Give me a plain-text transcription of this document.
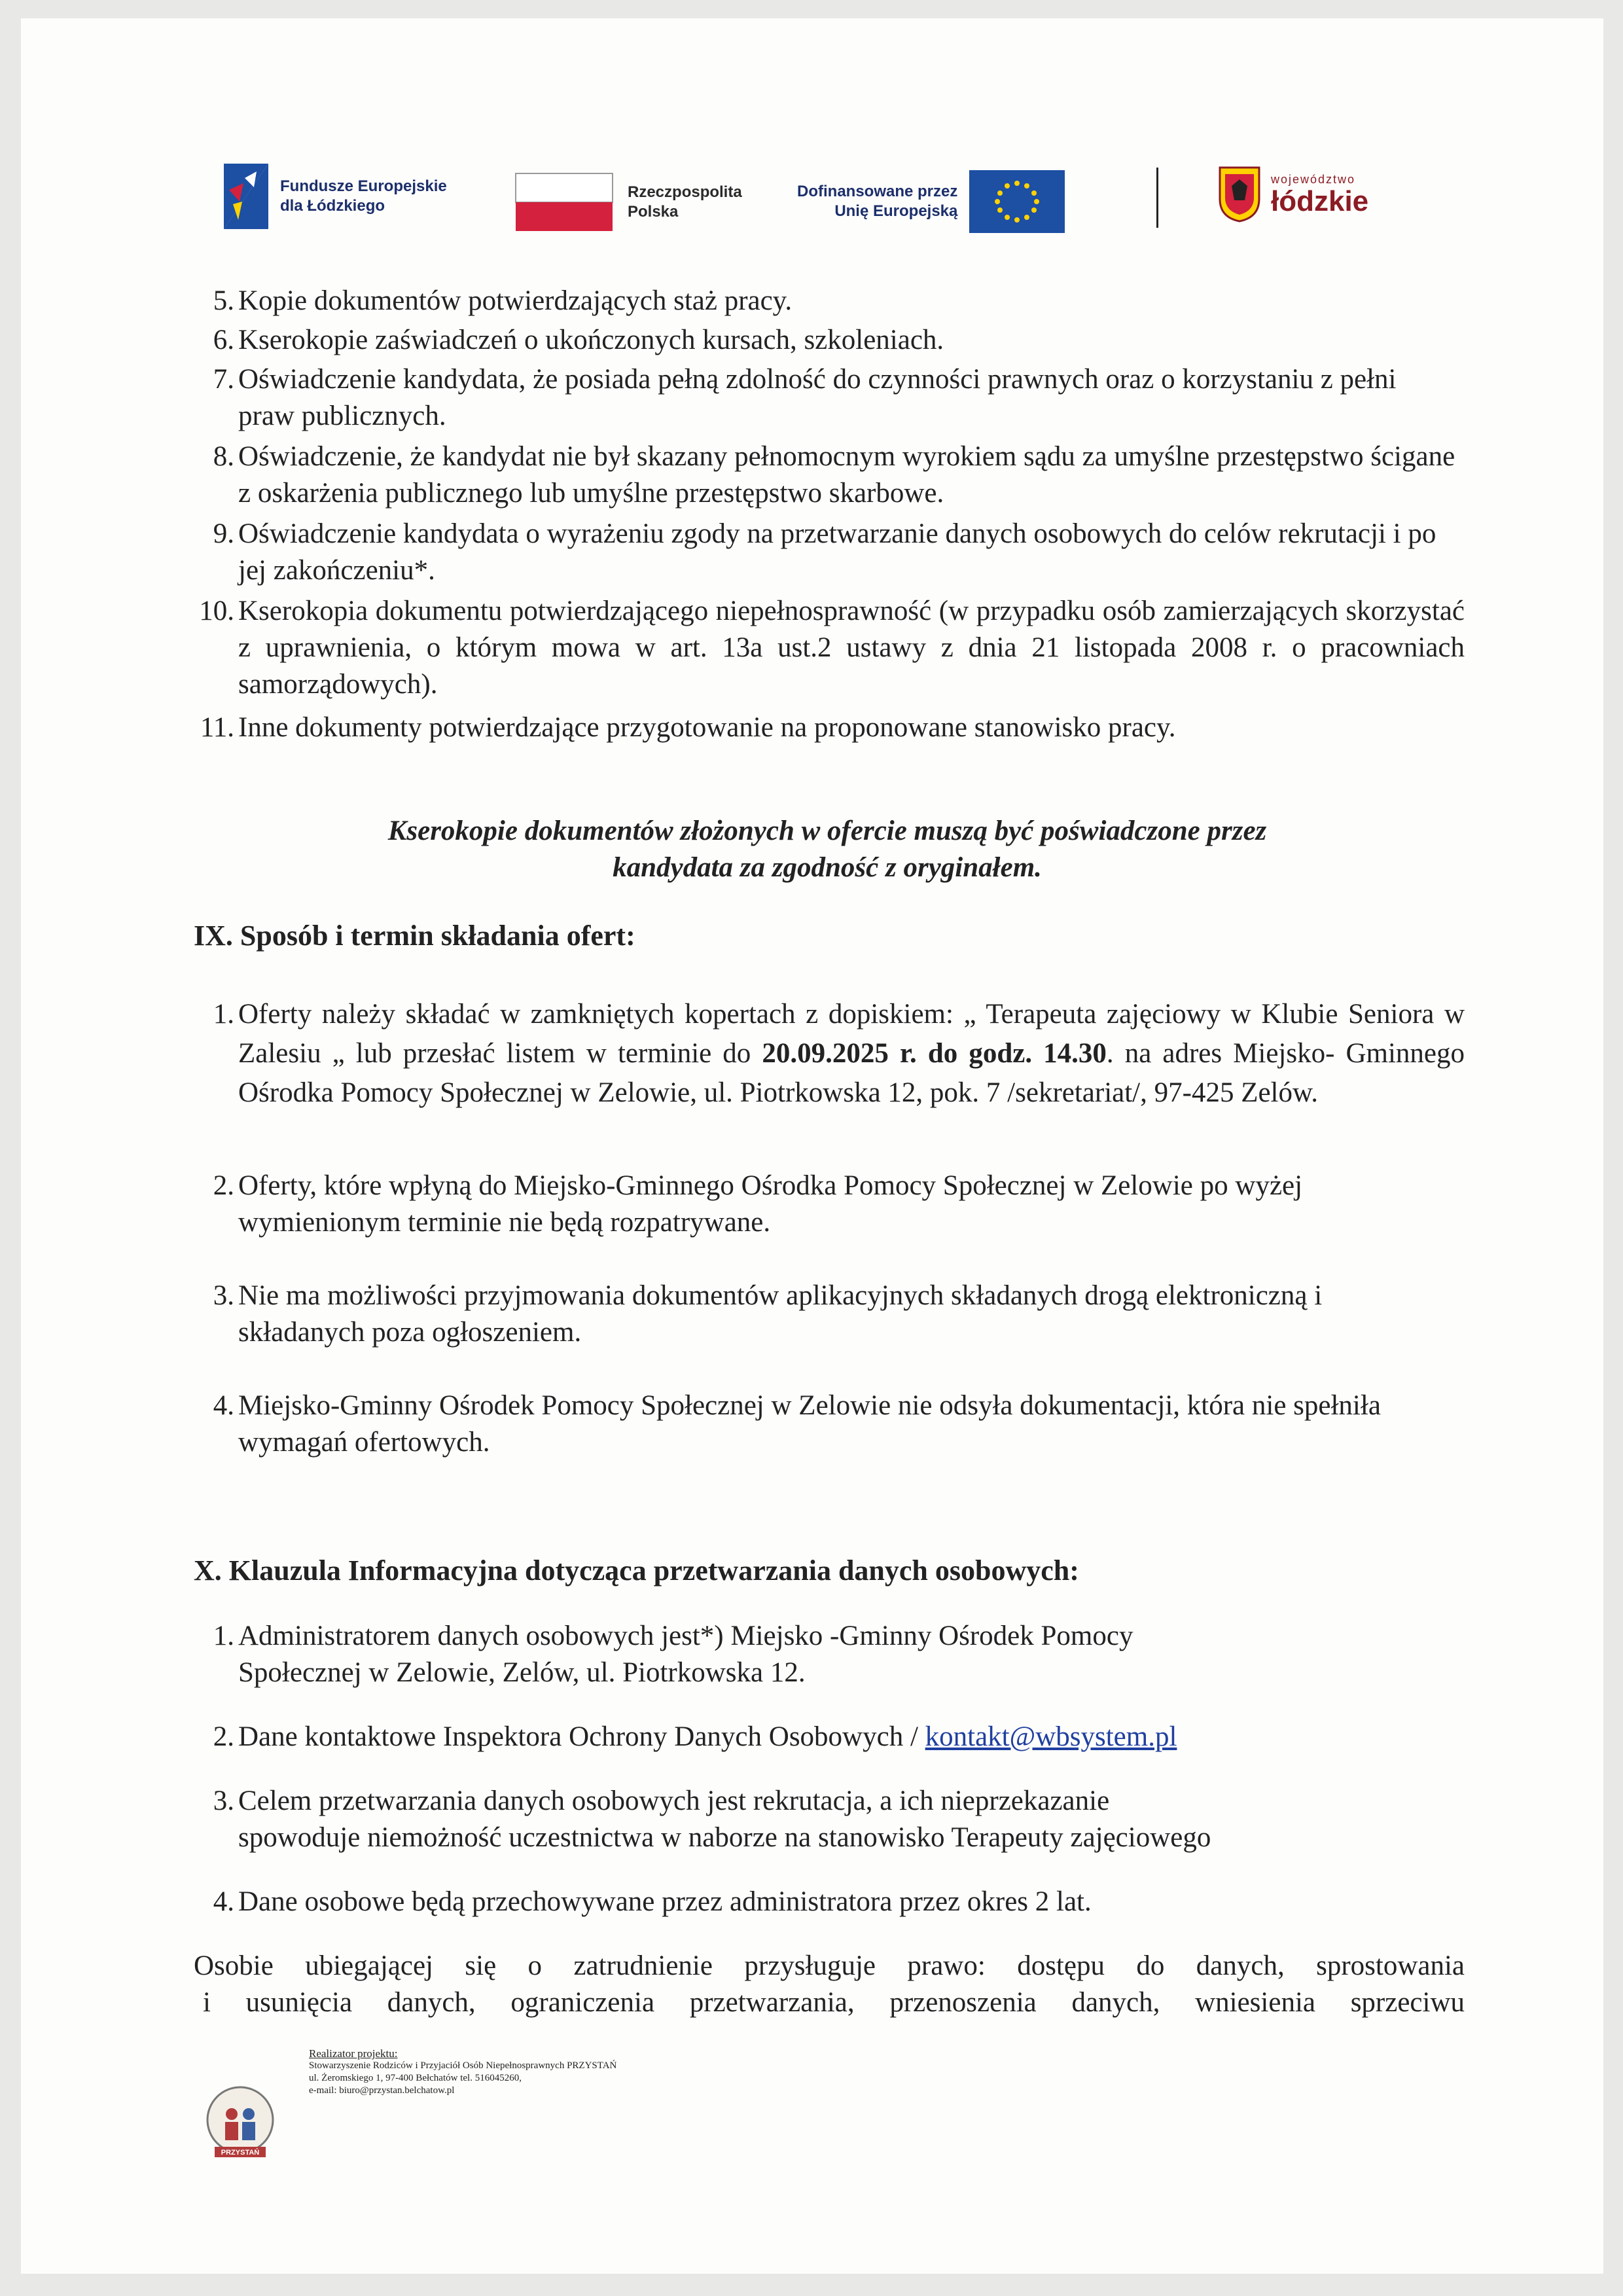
Fundusze Europejskie
dla Łódzkiego
Rzeczpospolita
Polska
Dofinansowane przez
Unię Europejską
województwo
łódzkie
5. Kopie dokumentów potwierdzających staż pracy.
6. Kserokopie zaświadczeń o ukończonych kursach, szkoleniach.
7. Oświadczenie kandydata, że posiada pełną zdolność do czynności prawnych oraz o korzystaniu z pełni praw publicznych.
8. Oświadczenie, że kandydat nie był skazany pełnomocnym wyrokiem sądu za umyślne przestępstwo ścigane z oskarżenia publicznego lub umyślne przestępstwo skarbowe.
9. Oświadczenie kandydata o wyrażeniu zgody na przetwarzanie danych osobowych do celów rekrutacji i po jej zakończeniu*.
10. Kserokopia dokumentu potwierdzającego niepełnosprawność (w przypadku osób zamierzających skorzystać z uprawnienia, o którym mowa w art. 13a ust.2 ustawy z dnia 21 listopada 2008 r. o pracowniach samorządowych).
11. Inne dokumenty potwierdzające przygotowanie na proponowane stanowisko pracy.
Kserokopie dokumentów złożonych w ofercie muszą być poświadczone przez
kandydata za zgodność z oryginałem.
IX. Sposób i termin składania ofert:
1. Oferty należy składać w zamkniętych kopertach z dopiskiem: „ Terapeuta zajęciowy w Klubie Seniora w Zalesiu „ lub przesłać listem w terminie do 20.09.2025 r. do godz. 14.30. na adres Miejsko- Gminnego Ośrodka Pomocy Społecznej w Zelowie, ul. Piotrkowska 12, pok. 7 /sekretariat/, 97-425 Zelów.
2. Oferty, które wpłyną do Miejsko-Gminnego Ośrodka Pomocy Społecznej w Zelowie po wyżej wymienionym terminie nie będą rozpatrywane.
3. Nie ma możliwości przyjmowania dokumentów aplikacyjnych składanych drogą elektroniczną i składanych poza ogłoszeniem.
4. Miejsko-Gminny Ośrodek Pomocy Społecznej w Zelowie nie odsyła dokumentacji, która nie spełniła wymagań ofertowych.
X. Klauzula Informacyjna dotycząca przetwarzania danych osobowych:
1. Administratorem danych osobowych jest*) Miejsko -Gminny Ośrodek Pomocy
Społecznej w Zelowie, Zelów, ul. Piotrkowska 12.
2. Dane kontaktowe Inspektora Ochrony Danych Osobowych / kontakt@wbsystem.pl
3. Celem przetwarzania danych osobowych jest rekrutacja, a ich nieprzekazanie
spowoduje niemożność uczestnictwa w naborze na stanowisko Terapeuty zajęciowego
4. Dane osobowe będą przechowywane przez administratora przez okres 2 lat.

Osobie ubiegającej się o zatrudnienie przysługuje prawo: dostępu do danych, sprostowania

i usunięcia danych, ograniczenia przetwarzania, przenoszenia danych, wniesienia sprzeciwu

PRZYSTAŃ
Realizator projektu:
Stowarzyszenie Rodziców i Przyjaciół Osób Niepełnosprawnych PRZYSTAŃ
ul. Żeromskiego 1, 97-400 Bełchatów tel. 516045260,
e-mail: biuro@przystan.belchatow.pl
